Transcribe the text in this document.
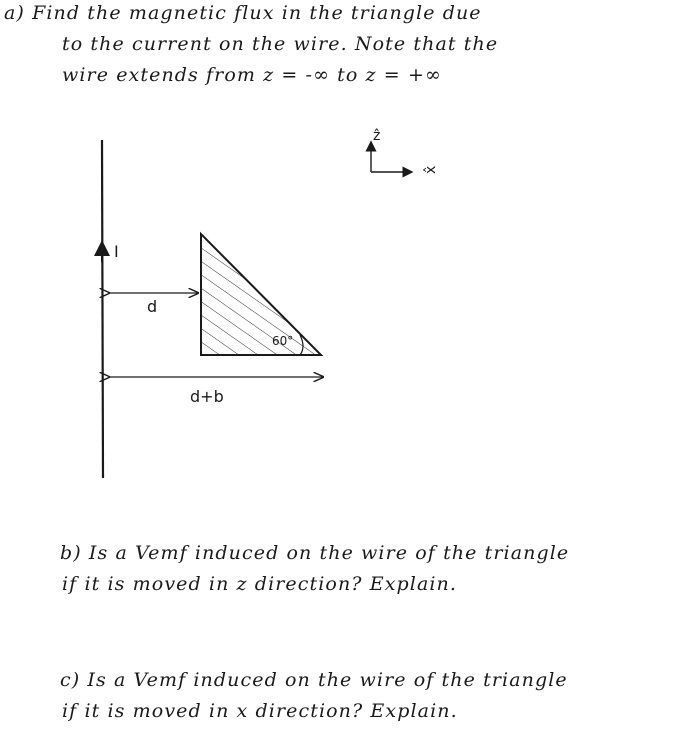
a) Find the magnetic flux in the triangle due
to the current on the wire. Note that the
wire extends from z = -∞ to z = +∞
I
d
60°
d+b
ẑ
x̂
b) Is a Vemf induced on the wire of the triangle
if it is moved in z direction? Explain.
c) Is a Vemf induced on the wire of the triangle
if it is moved in x direction? Explain.
